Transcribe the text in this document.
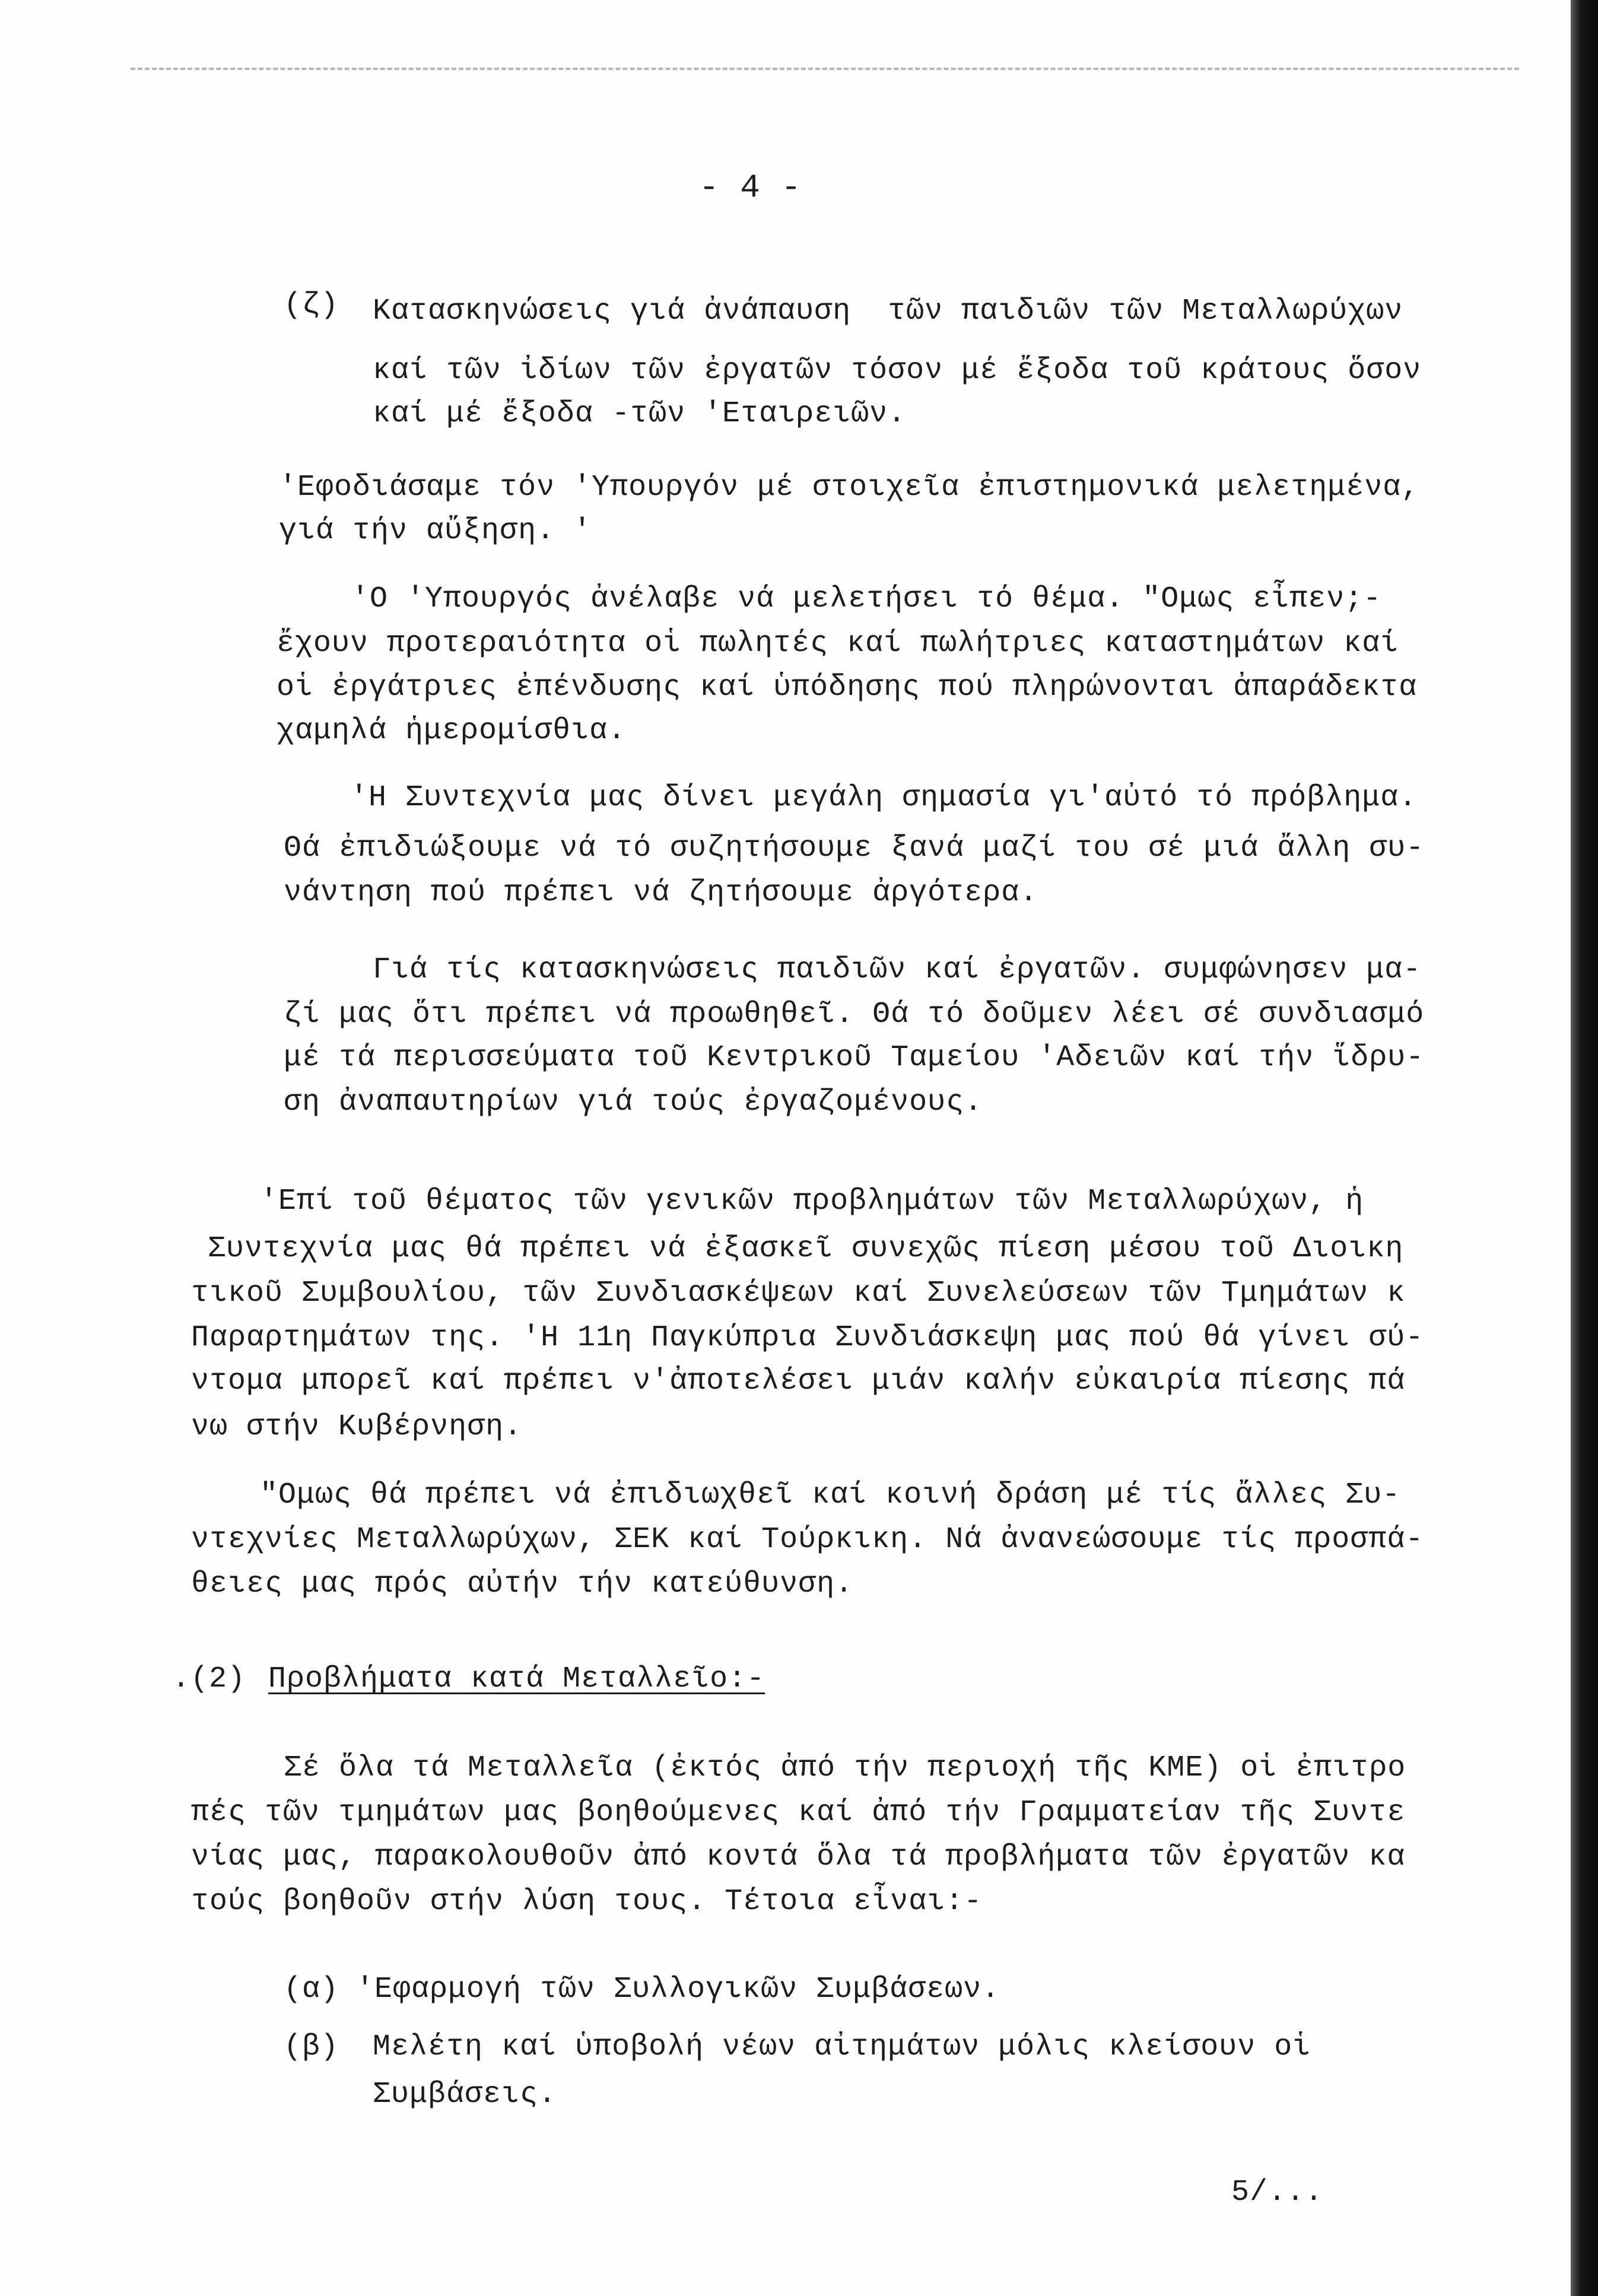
- 4 -
(ζ) Κατασκηνώσεις γιά ἀνάπαυση  τῶν παιδιῶν τῶν Μεταλλωρύχων
καί τῶν ἰδίων τῶν ἐργατῶν τόσον μέ ἔξοδα τοῦ κράτους ὅσον
καί μέ ἔξοδα -τῶν 'Εταιρειῶν.
'Εφοδιάσαμε τόν 'Υπουργόν μέ στοιχεῖα ἐπιστημονικά μελετημένα,
γιά τήν αὔξηση. '
'Ο 'Υπουργός ἀνέλαβε νά μελετήσει τό θέμα. "Ομως εἶπεν;-
ἔχουν προτεραιότητα οἱ πωλητές καί πωλήτριες καταστημάτων καί
οἱ ἐργάτριες ἐπένδυσης καί ὑπόδησης πού πληρώνονται ἀπαράδεκτα
χαμηλά ἡμερομίσθια.
'Η Συντεχνία μας δίνει μεγάλη σημασία γι'αὐτό τό πρόβλημα.
Θά ἐπιδιώξουμε νά τό συζητήσουμε ξανά μαζί του σέ μιά ἄλλη συ-
νάντηση πού πρέπει νά ζητήσουμε ἀργότερα.
Γιά τίς κατασκηνώσεις παιδιῶν καί ἐργατῶν. συμφώνησεν μα-
ζί μας ὅτι πρέπει νά προωθηθεῖ. Θά τό δοῦμεν λέει σέ συνδιασμό
μέ τά περισσεύματα τοῦ Κεντρικοῦ Ταμείου 'Αδειῶν καί τήν ἵδρυ-
ση ἀναπαυτηρίων γιά τούς ἐργαζομένους.
'Επί τοῦ θέματος τῶν γενικῶν προβλημάτων τῶν Μεταλλωρύχων, ἡ
Συντεχνία μας θά πρέπει νά ἐξασκεῖ συνεχῶς πίεση μέσου τοῦ Διοικη
τικοῦ Συμβουλίου, τῶν Συνδιασκέψεων καί Συνελεύσεων τῶν Τμημάτων κ
Παραρτημάτων της. 'Η 11η Παγκύπρια Συνδιάσκεψη μας πού θά γίνει σύ-
ντομα μπορεῖ καί πρέπει ν'ἀποτελέσει μιάν καλήν εὐκαιρία πίεσης πά
νω στήν Κυβέρνηση.
"Ομως θά πρέπει νά ἐπιδιωχθεῖ καί κοινή δράση μέ τίς ἄλλες Συ-
ντεχνίες Μεταλλωρύχων, ΣΕΚ καί Τούρκικη. Νά ἀνανεώσουμε τίς προσπά-
θειες μας πρός αὐτήν τήν κατεύθυνση.
.(2) Προβλήματα κατά Μεταλλεῖο:-
Σέ ὅλα τά Μεταλλεῖα (ἐκτός ἀπό τήν περιοχή τῆς ΚΜΕ) οἱ ἐπιτρο
πές τῶν τμημάτων μας βοηθούμενες καί ἀπό τήν Γραμματείαν τῆς Συντε
νίας μας, παρακολουθοῦν ἀπό κοντά ὅλα τά προβλήματα τῶν ἐργατῶν κα
τούς βοηθοῦν στήν λύση τους. Τέτοια εἶναι:-
(α) 'Εφαρμογή τῶν Συλλογικῶν Συμβάσεων.
(β) Μελέτη καί ὑποβολή νέων αἰτημάτων μόλις κλείσουν οἱ
Συμβάσεις.
5/...
